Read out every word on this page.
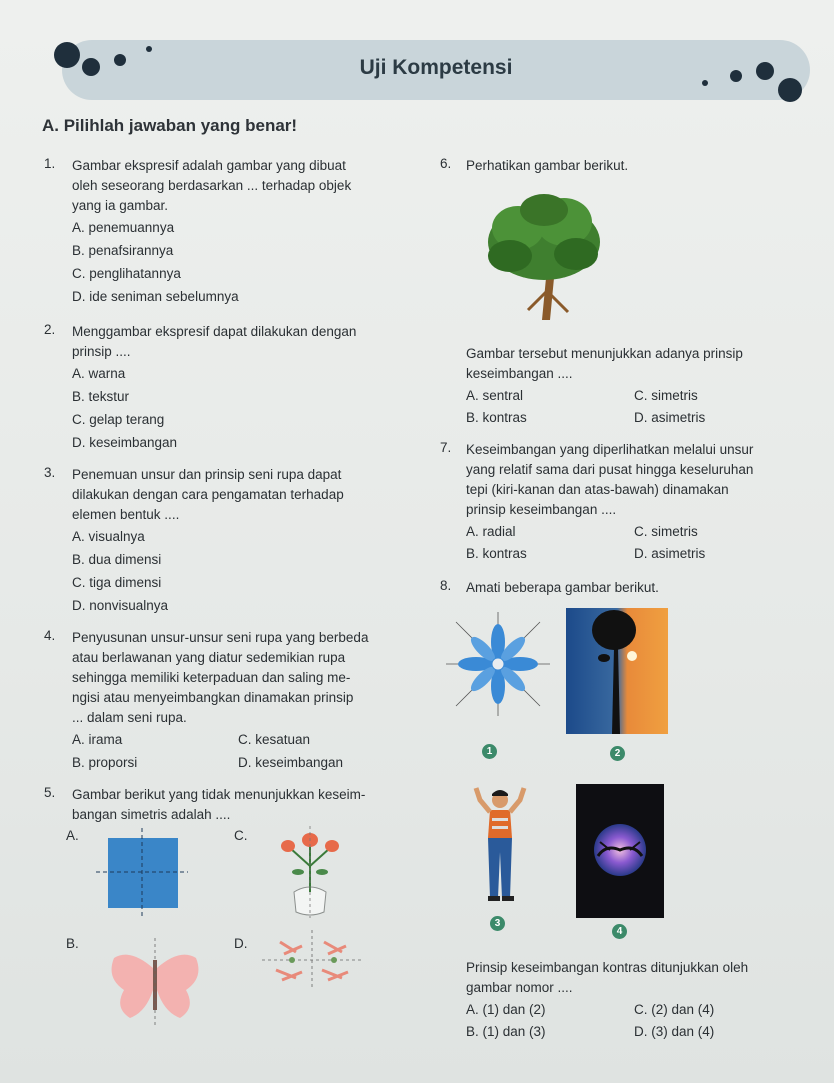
Uji Kompetensi
A. Pilihlah jawaban yang benar!
1. Gambar ekspresif adalah gambar yang dibuat
oleh seseorang berdasarkan ... terhadap objek
yang ia gambar.
A. penemuannya
B. penafsirannya
C. penglihatannya
D. ide seniman sebelumnya
2. Menggambar ekspresif dapat dilakukan dengan
prinsip ....
A. warna
B. tekstur
C. gelap terang
D. keseimbangan
3. Penemuan unsur dan prinsip seni rupa dapat
dilakukan dengan cara pengamatan terhadap
elemen bentuk ....
A. visualnya
B. dua dimensi
C. tiga dimensi
D. nonvisualnya
4. Penyusunan unsur-unsur seni rupa yang berbeda
atau berlawanan yang diatur sedemikian rupa
sehingga memiliki keterpaduan dan saling me-
ngisi atau menyeimbangkan dinamakan prinsip
... dalam seni rupa.
A. irama	C. kesatuan
B. proporsi	D. keseimbangan
5. Gambar berikut yang tidak menunjukkan keseim-
bangan simetris adalah ....
A.	C.
B.	D.
6. Perhatikan gambar berikut.
Gambar tersebut menunjukkan adanya prinsip
keseimbangan ....
A. sentral	C. simetris
B. kontras	D. asimetris
7. Keseimbangan yang diperlihatkan melalui unsur
yang relatif sama dari pusat hingga keseluruhan
tepi (kiri-kanan dan atas-bawah) dinamakan
prinsip keseimbangan ....
A. radial	C. simetris
B. kontras	D. asimetris
8. Amati beberapa gambar berikut.
1	2
3
4
Prinsip keseimbangan kontras ditunjukkan oleh
gambar nomor ....
A. (1) dan (2)	C. (2) dan (4)
B. (1) dan (3)	D. (3) dan (4)
